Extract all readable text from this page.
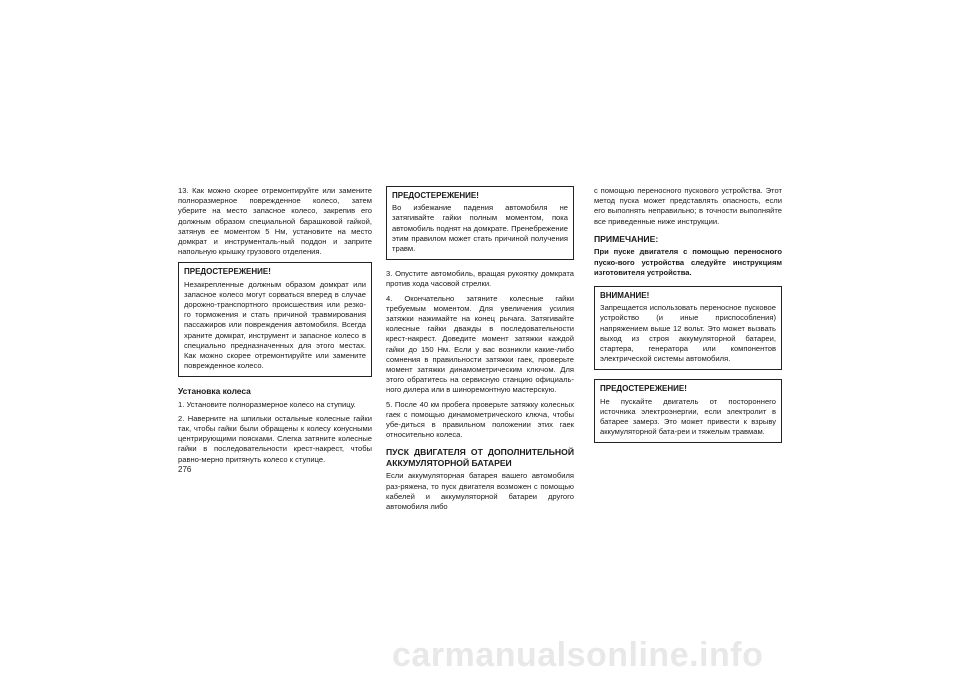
13. Как можно скорее отремонтируйте или замените полноразмерное поврежденное колесо, затем уберите на место запасное колесо, закрепив его должным образом специальной барашковой гайкой, затянув ее моментом 5 Нм, установите на место домкрат и инструменталь-ный поддон и заприте напольную крышку грузового отделения.

ПРЕДОСТЕРЕЖЕНИЕ!

Незакрепленные должным образом домкрат или запасное колесо могут сорваться вперед в случае дорожно-транспортного происшествия или резко-го торможения и стать причиной травмирования пассажиров или повреждения автомобиля. Всегда храните домкрат, инструмент и запасное колесо в специально предназначенных для этого местах. Как можно скорее отремонтируйте или замените поврежденное колесо.

Установка колеса

1. Установите полноразмерное колесо на ступицу.

2. Наверните на шпильки остальные колесные гайки так, чтобы гайки были обращены к колесу конусными центрирующими поясками. Слегка затяните колесные гайки в последовательности крест-накрест, чтобы равно-мерно притянуть колесо к ступице.

ПРЕДОСТЕРЕЖЕНИЕ!

Во избежание падения автомобиля не затягивайте гайки полным моментом, пока автомобиль поднят на домкрате. Пренебрежение этим правилом может стать причиной получения травм.

3. Опустите автомобиль, вращая рукоятку домкрата против хода часовой стрелки.

4. Окончательно затяните колесные гайки требуемым моментом. Для увеличения усилия затяжки нажимайте на конец рычага. Затягивайте колесные гайки дважды в последовательности крест-накрест. Доведите момент затяжки каждой гайки до 150 Нм. Если у вас возникли какие-либо сомнения в правильности затяжки гаек, проверьте момент затяжки динамометрическим ключом. Для этого обратитесь на сервисную станцию официаль-ного дилера или в шиноремонтную мастерскую.

5. После 40 км пробега проверьте затяжку колесных гаек с помощью динамометрического ключа, чтобы убе-диться в правильном положении этих гаек относительно колеса.

ПУСК ДВИГАТЕЛЯ ОТ ДОПОЛНИТЕЛЬНОЙ АККУМУЛЯТОРНОЙ БАТАРЕИ

Если аккумуляторная батарея вашего автомобиля раз-ряжена, то пуск двигателя возможен с помощью кабелей и аккумуляторной батареи другого автомобиля либо

с помощью переносного пускового устройства. Этот метод пуска может представлять опасность, если его выполнять неправильно; в точности выполняйте все приведенные ниже инструкции.

ПРИМЕЧАНИЕ:

При пуске двигателя с помощью переносного пуско-вого устройства следуйте инструкциям изготовителя устройства.

ВНИМАНИЕ!

Запрещается использовать переносное пусковое устройство (и иные приспособления) напряжением выше 12 вольт. Это может вызвать выход из строя аккумуляторной батареи, стартера, генератора или компонентов электрической системы автомобиля.

ПРЕДОСТЕРЕЖЕНИЕ!

Не пускайте двигатель от постороннего источника электроэнергии, если электролит в батарее замерз. Это может привести к взрыву аккумуляторной бата-реи и тяжелым травмам.

276
carmanualsonline.info
